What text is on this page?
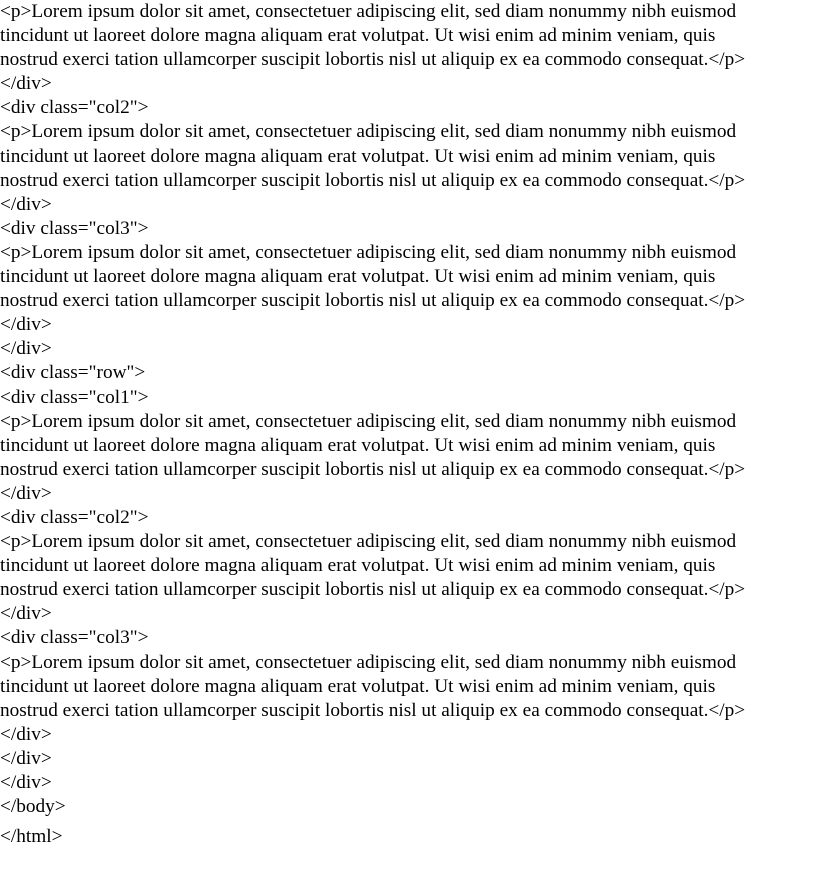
<p>Lorem ipsum dolor sit amet, consectetuer adipiscing elit, sed diam nonummy nibh euismod
tincidunt ut laoreet dolore magna aliquam erat volutpat. Ut wisi enim ad minim veniam, quis
nostrud exerci tation ullamcorper suscipit lobortis nisl ut aliquip ex ea commodo consequat.</p>
</div>
<div class="col2">
<p>Lorem ipsum dolor sit amet, consectetuer adipiscing elit, sed diam nonummy nibh euismod
tincidunt ut laoreet dolore magna aliquam erat volutpat. Ut wisi enim ad minim veniam, quis
nostrud exerci tation ullamcorper suscipit lobortis nisl ut aliquip ex ea commodo consequat.</p>
</div>
<div class="col3">
<p>Lorem ipsum dolor sit amet, consectetuer adipiscing elit, sed diam nonummy nibh euismod
tincidunt ut laoreet dolore magna aliquam erat volutpat. Ut wisi enim ad minim veniam, quis
nostrud exerci tation ullamcorper suscipit lobortis nisl ut aliquip ex ea commodo consequat.</p>
</div>
</div>
<div class="row">
<div class="col1">
<p>Lorem ipsum dolor sit amet, consectetuer adipiscing elit, sed diam nonummy nibh euismod
tincidunt ut laoreet dolore magna aliquam erat volutpat. Ut wisi enim ad minim veniam, quis
nostrud exerci tation ullamcorper suscipit lobortis nisl ut aliquip ex ea commodo consequat.</p>
</div>
<div class="col2">
<p>Lorem ipsum dolor sit amet, consectetuer adipiscing elit, sed diam nonummy nibh euismod
tincidunt ut laoreet dolore magna aliquam erat volutpat. Ut wisi enim ad minim veniam, quis
nostrud exerci tation ullamcorper suscipit lobortis nisl ut aliquip ex ea commodo consequat.</p>
</div>
<div class="col3">
<p>Lorem ipsum dolor sit amet, consectetuer adipiscing elit, sed diam nonummy nibh euismod
tincidunt ut laoreet dolore magna aliquam erat volutpat. Ut wisi enim ad minim veniam, quis
nostrud exerci tation ullamcorper suscipit lobortis nisl ut aliquip ex ea commodo consequat.</p>
</div>
</div>
</div>
</body>
</html>
